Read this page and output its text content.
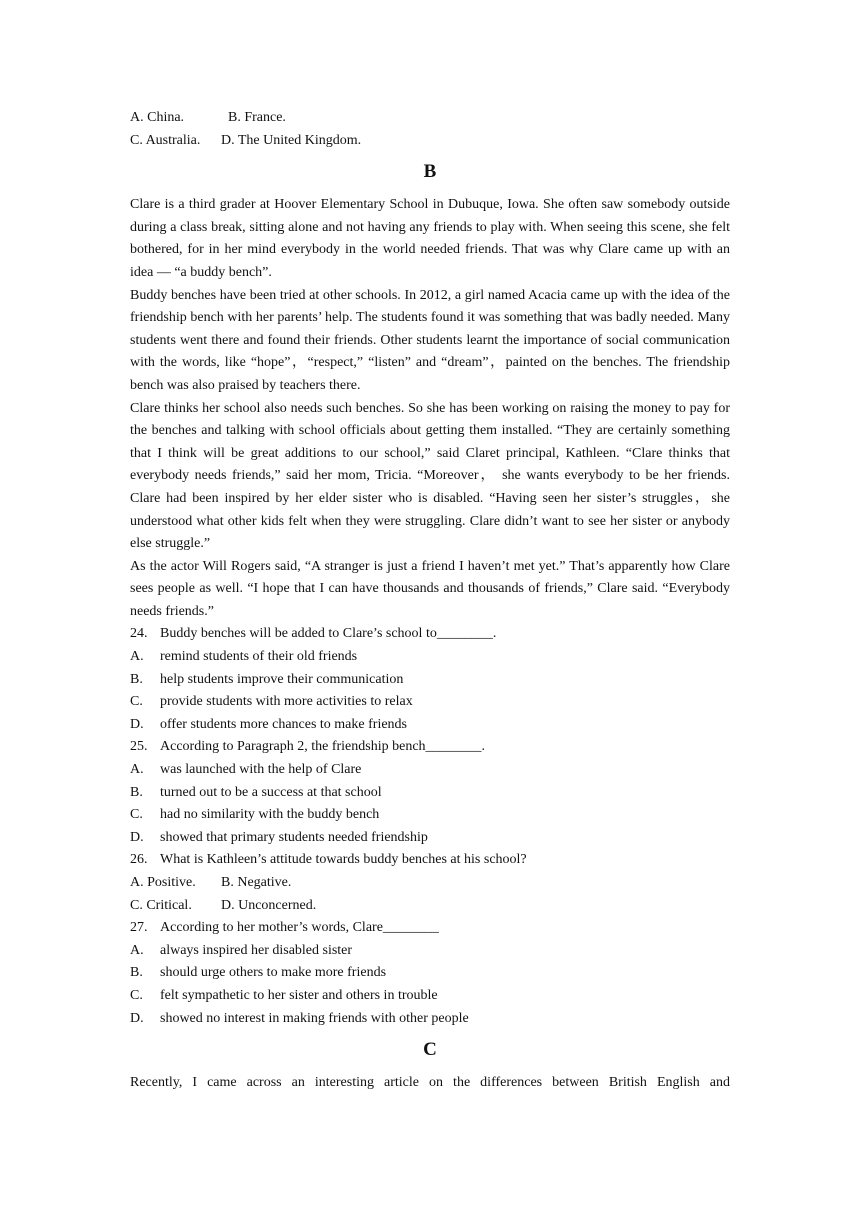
A. China.	B. France.
C. Australia. D. The United Kingdom.
B
Clare is a third grader at Hoover Elementary School in Dubuque, Iowa. She often saw somebody outside during a class break, sitting alone and not having any friends to play with. When seeing this scene, she felt bothered, for in her mind everybody in the world needed friends. That was why Clare came up with an idea — “a buddy bench”.
Buddy benches have been tried at other schools. In 2012, a girl named Acacia came up with the idea of the friendship bench with her parents’ help. The students found it was something that was badly needed. Many students went there and found their friends. Other students learnt the importance of social communication with the words, like “hope”，“respect,” “listen” and “dream”，painted on the benches. The friendship bench was also praised by teachers there.
Clare thinks her school also needs such benches. So she has been working on raising the money to pay for the benches and talking with school officials about getting them installed. “They are certainly something that I think will be great additions to our school,” said Claret principal, Kathleen. “Clare thinks that everybody needs friends,” said her mom, Tricia. “Moreover， she wants everybody to be her friends. Clare had been inspired by her elder sister who is disabled. “Having seen her sister’s struggles，she understood what other kids felt when they were struggling. Clare didn’t want to see her sister or anybody else struggle.”
As the actor Will Rogers said, “A stranger is just a friend I haven’t met yet.” That’s apparently how Clare sees people as well. “I hope that I can have thousands and thousands of friends,” Clare said. “Everybody needs friends.”
24. Buddy benches will be added to Clare’s school to________.
A. remind students of their old friends
B. help students improve their communication
C. provide students with more activities to relax
D. offer students more chances to make friends
25. According to Paragraph 2, the friendship bench________.
A. was launched with the help of Clare
B. turned out to be a success at that school
C. had no similarity with the buddy bench
D. showed that primary students needed friendship
26. What is Kathleen’s attitude towards buddy benches at his school?
A. Positive. B. Negative.
C. Critical. D. Unconcerned.
27. According to her mother’s words, Clare________
A. always inspired her disabled sister
B. should urge others to make more friends
C. felt sympathetic to her sister and others in trouble
D. showed no interest in making friends with other people
C
Recently, I came across an interesting article on the differences between British English and
